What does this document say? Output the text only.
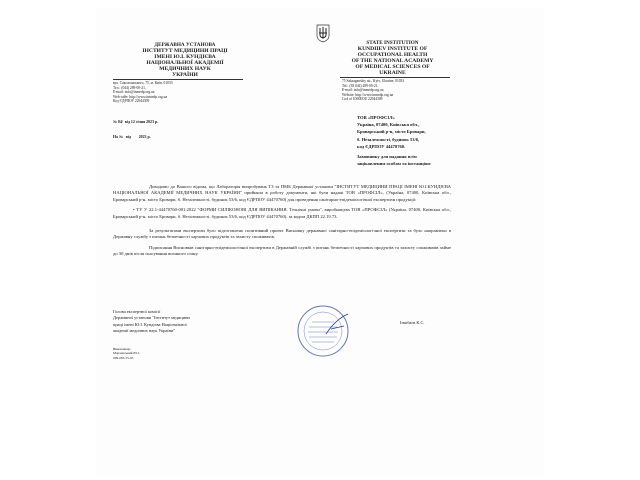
ДЕРЖАВНА УСТАНОВА
ІНСТИТУТ МЕДИЦИНИ ПРАЦІ
ІМЕНІ Ю.І. КУНДІЄВА
НАЦІОНАЛЬНОЇ АКАДЕМІЇ
МЕДИЧНИХ НАУК
УКРАЇНИ
вул. Саксаганського, 75, м. Київ, 01033
Тел.: (044) 289-00-21,
E-mail: info@inmedp.org.ua
Web-сайт: http://www.inmedp.org.ua
Код ЄДРПОУ 22944309
STATE INSTITUTION
KUNDIIEV INSTITUTE OF
OCCUPATIONAL HEALTH
OF THE NATIONAL ACADEMY
OF MEDICAL SCIENCES OF
UKRAINE
75 Saksaganskiy str., Kyiv, Ukraine, 01033
Tel.: (38 044) 289-00-21,
E-mail: info@inmedp.org.ua
Website: http://www.inmedp.org.ua
Cod of USREOU 22944309

№ 04/  від 12 січня 2023 р.

На №   від        2023 р.

ТОВ «ПРОФСІЛ»
Україна, 07400, Київська обл.,
Броварський р-н, місто Бровари,
б. Незалежності, будинок 53/6,
код ЄДРПОУ 44470760.
Замовнику для надання всім
зацікавленим особам та інстанціям
Доводимо до Вашого відома, що Лабораторія випробувань ТЗ та ПМБ Державної установи "ІНСТИТУТ МЕДИЦИНИ ПРАЦІ ІМЕНІ Ю.І.КУНДІЄВА НАЦІОНАЛЬНОЇ АКАДЕМІЇ МЕДИЧНИХ НАУК УКРАЇНИ" прийняла в роботу документи, які були надані ТОВ «ПРОФСІЛ», (Україна, 07400, Київська обл., Броварський р-н, місто Бровари, б. Незалежності, будинок 53/6, код ЄДРПОУ 44470760) для проведення санітарно-епідеміологічної експертизи продукції:
• ТУ У 22.1-44470760-001:2022 "ФОРМИ СИЛІКОНОВІ ДЛЯ ВИПІКАННЯ. Технічні умови", виробництва ТОВ «ПРОФСІЛ» (Україна, 07400, Київська обл., Броварський р-н, місто Бровари, б. Незалежності, будинок 53/6, код ЄДРПОУ 44470760), за кодом ДКПП 22.19.73.
За результатами експертизи було підготовлено позитивний проект Висновку державної санітарно-епідеміологічної експертизи та було направлено в Державну службу з питань безпечності харчових продуктів та захисту споживачів.
Підписання Висновків санітарно-епідеміологічної експертизи в Державній службі з питань безпечності харчових продуктів та захисту споживачів займе до 30 днів після скасування воєнного стану.
Голова експертної комісії
Державної установи "Інститут медицини
праці імені Ю.І. Кундієва Національної
академії медичних наук України"
Іншбаєв К.С.
Виконавець:
Марченський Ю.І.
099-063-35-05
